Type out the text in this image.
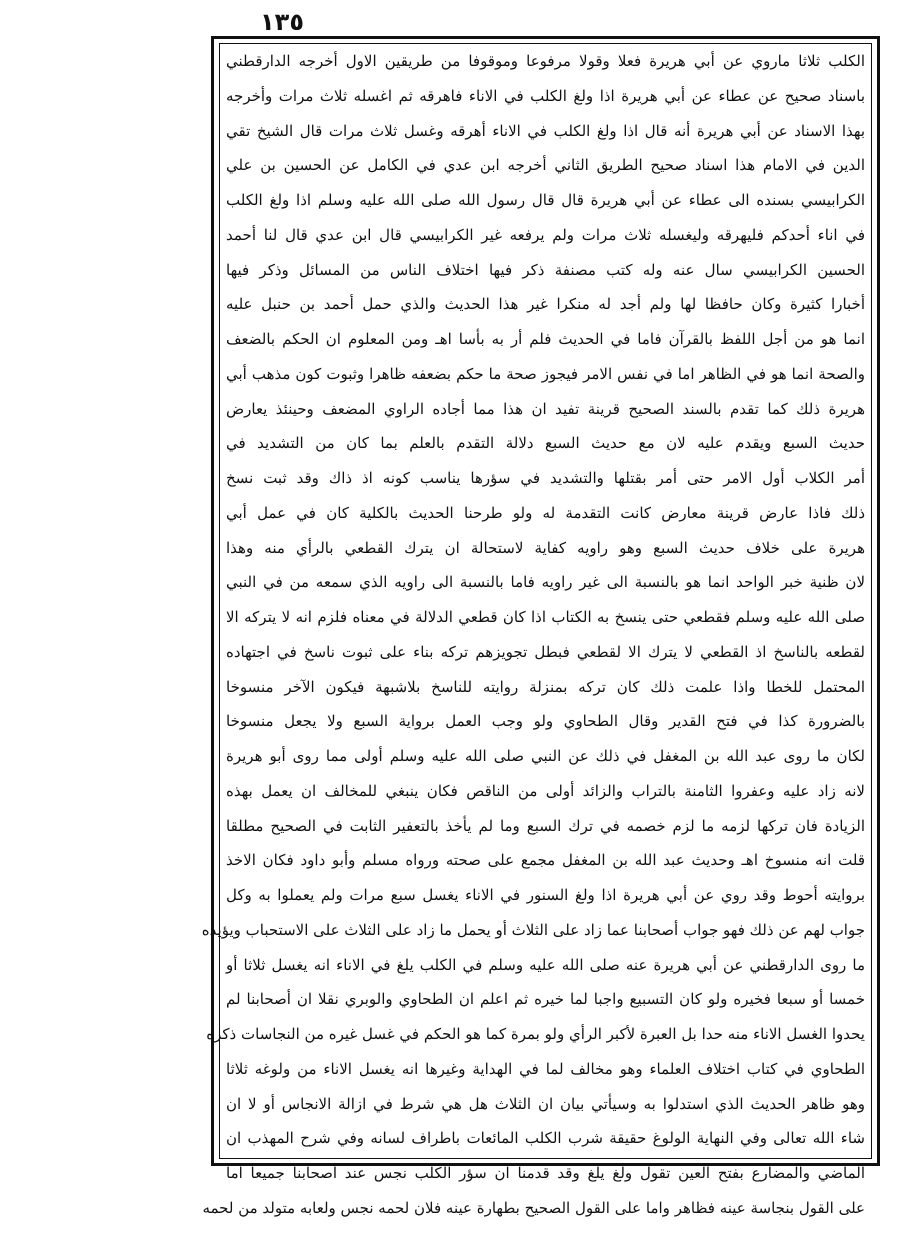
١٣٥
الكلب ثلاثا ماروي عن أبي هريرة فعلا وقولا مرفوعا وموقوفا من طريقين الاول أخرجه الدارقطني
باسناد صحيح عن عطاء عن أبي هريرة اذا ولغ الكلب في الاناء فاهرقه ثم اغسله ثلاث مرات وأخرجه
بهذا الاسناد عن أبي هريرة أنه قال اذا ولغ الكلب في الاناء أهرقه وغسل ثلاث مرات قال الشيخ تقي
الدين في الامام هذا اسناد صحيح الطريق الثاني أخرجه ابن عدي في الكامل عن الحسين بن علي
الكرابيسي بسنده الى عطاء عن أبي هريرة قال قال رسول الله صلى الله عليه وسلم اذا ولغ الكلب
في اناء أحدكم فليهرقه وليغسله ثلاث مرات ولم يرفعه غير الكرابيسي قال ابن عدي قال لنا أحمد
الحسين الكرابيسي سال عنه وله كتب مصنفة ذكر فيها اختلاف الناس من المسائل وذكر فيها
أخبارا كثيرة وكان حافظا لها ولم أجد له منكرا غير هذا الحديث والذي حمل أحمد بن حنبل عليه
انما هو من أجل اللفظ بالقرآن فاما في الحديث فلم أر به بأسا اهـ ومن المعلوم ان الحكم بالضعف
والصحة انما هو في الظاهر اما في نفس الامر فيجوز صحة ما حكم بضعفه ظاهرا وثبوت كون مذهب أبي
هريرة ذلك كما تقدم بالسند الصحيح قرينة تفيد ان هذا مما أجاده الراوي المضعف وحينئذ يعارض
حديث السبع ويقدم عليه لان مع حديث السبع دلالة التقدم بالعلم بما كان من التشديد في
أمر الكلاب أول الامر حتى أمر بقتلها والتشديد في سؤرها يناسب كونه اذ ذاك وقد ثبت نسخ
ذلك فاذا عارض قرينة معارض كانت التقدمة له ولو طرحنا الحديث بالكلية كان في عمل أبي
هريرة على خلاف حديث السبع وهو راويه كفاية لاستحالة ان يترك القطعي بالرأي منه وهذا
لان ظنية خبر الواحد انما هو بالنسبة الى غير راويه فاما بالنسبة الى راويه الذي سمعه من في النبي
صلى الله عليه وسلم فقطعي حتى ينسخ به الكتاب اذا كان قطعي الدلالة في معناه فلزم انه لا يتركه الا
لقطعه بالناسخ اذ القطعي لا يترك الا لقطعي فبطل تجويزهم تركه بناء على ثبوت ناسخ في اجتهاده
المحتمل للخطا واذا علمت ذلك كان تركه بمنزلة روايته للناسخ بلاشبهة فيكون الآخر منسوخا
بالضرورة كذا في فتح القدير وقال الطحاوي ولو وجب العمل برواية السبع ولا يجعل منسوخا
لكان ما روى عبد الله بن المغفل في ذلك عن النبي صلى الله عليه وسلم أولى مما روى أبو هريرة
لانه زاد عليه وعفروا الثامنة بالتراب والزائد أولى من الناقص فكان ينبغي للمخالف ان يعمل بهذه
الزيادة فان تركها لزمه ما لزم خصمه في ترك السبع وما لم يأخذ بالتعفير الثابت في الصحيح مطلقا
قلت انه منسوخ اهـ وحديث عبد الله بن المغفل مجمع على صحته ورواه مسلم وأبو داود فكان الاخذ
بروايته أحوط وقد روي عن أبي هريرة اذا ولغ السنور في الاناء يغسل سبع مرات ولم يعملوا به وكل
جواب لهم عن ذلك فهو جواب أصحابنا عما زاد على الثلاث أو يحمل ما زاد على الثلاث على الاستحباب ويؤيده
ما روى الدارقطني عن أبي هريرة عنه صلى الله عليه وسلم في الكلب يلغ في الاناء انه يغسل ثلاثا أو
خمسا أو سبعا فخيره ولو كان التسبيع واجبا لما خيره ثم اعلم ان الطحاوي والوبري نقلا ان أصحابنا لم
يحدوا الغسل الاناء منه حدا بل العبرة لأكبر الرأي ولو بمرة كما هو الحكم في غسل غيره من النجاسات ذكره
الطحاوي في كتاب اختلاف العلماء وهو مخالف لما في الهداية وغيرها انه يغسل الاناء من ولوغه ثلاثا
وهو ظاهر الحديث الذي استدلوا به وسيأتي بيان ان الثلاث هل هي شرط في ازالة الانجاس أو لا ان
شاء الله تعالى وفي النهاية الولوغ حقيقة شرب الكلب المائعات باطراف لسانه وفي شرح المهذب ان
الماضي والمضارع بفتح العين تقول ولغ يلغ وقد قدمنا ان سؤر الكلب نجس عند أصحابنا جميعا اما
على القول بنجاسة عينه فظاهر واما على القول الصحيح بطهارة عينه فلان لحمه نجس ولعابه متولد من لحمه
